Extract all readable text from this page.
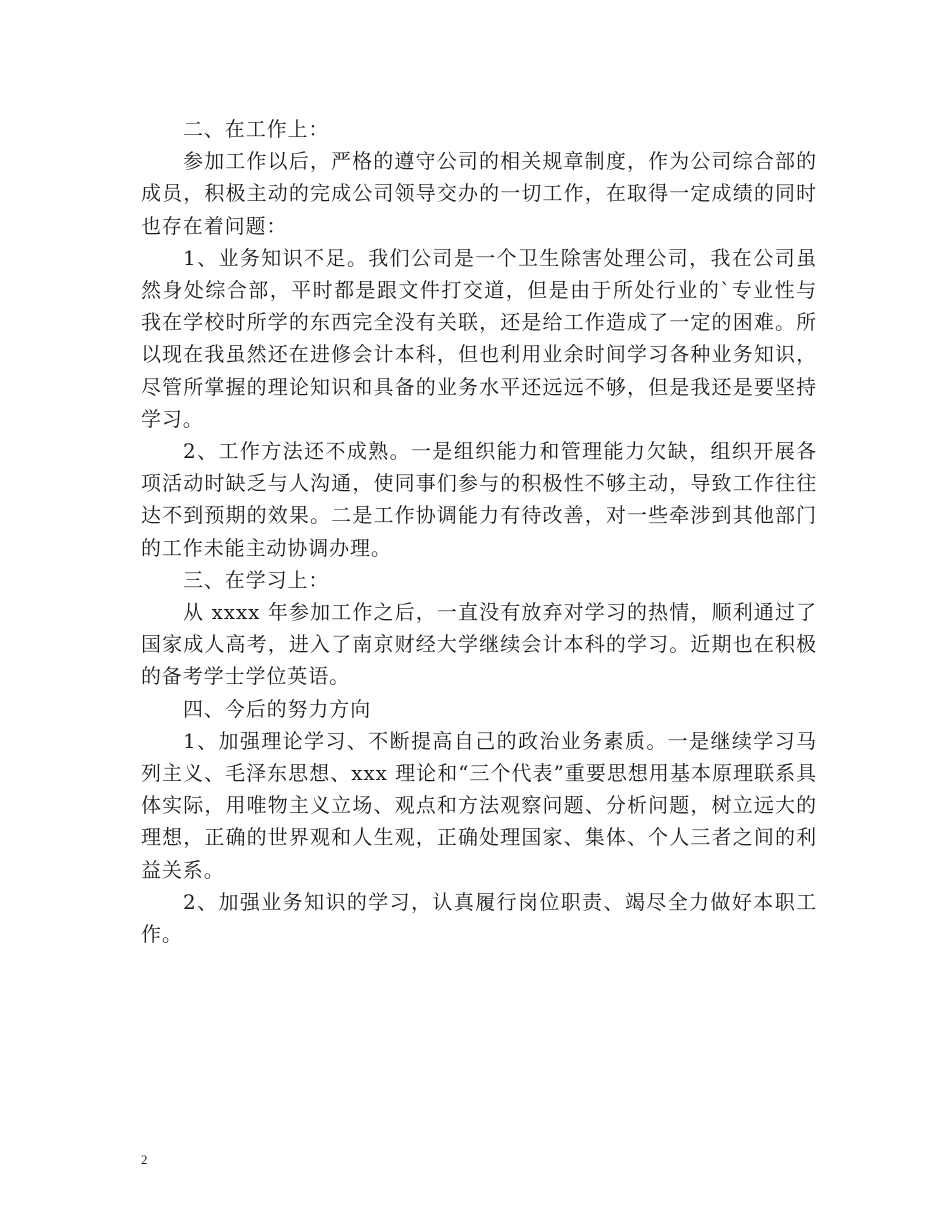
二、在工作上：

参加工作以后，严格的遵守公司的相关规章制度，作为公司综合部的成员，积极主动的完成公司领导交办的一切工作，在取得一定成绩的同时也存在着问题：

1、业务知识不足。我们公司是一个卫生除害处理公司，我在公司虽然身处综合部，平时都是跟文件打交道，但是由于所处行业的`专业性与我在学校时所学的东西完全没有关联，还是给工作造成了一定的困难。所以现在我虽然还在进修会计本科，但也利用业余时间学习各种业务知识，尽管所掌握的理论知识和具备的业务水平还远远不够，但是我还是要坚持学习。

2、工作方法还不成熟。一是组织能力和管理能力欠缺，组织开展各项活动时缺乏与人沟通，使同事们参与的积极性不够主动，导致工作往往达不到预期的效果。二是工作协调能力有待改善，对一些牵涉到其他部门的工作未能主动协调办理。

三、在学习上：

从 xxxx 年参加工作之后，一直没有放弃对学习的热情，顺利通过了国家成人高考，进入了南京财经大学继续会计本科的学习。近期也在积极的备考学士学位英语。

四、今后的努力方向

1、加强理论学习、不断提高自己的政治业务素质。一是继续学习马列主义、毛泽东思想、xxx 理论和“三个代表”重要思想用基本原理联系具体实际，用唯物主义立场、观点和方法观察问题、分析问题，树立远大的理想，正确的世界观和人生观，正确处理国家、集体、个人三者之间的利益关系。

2、加强业务知识的学习，认真履行岗位职责、竭尽全力做好本职工作。

2
